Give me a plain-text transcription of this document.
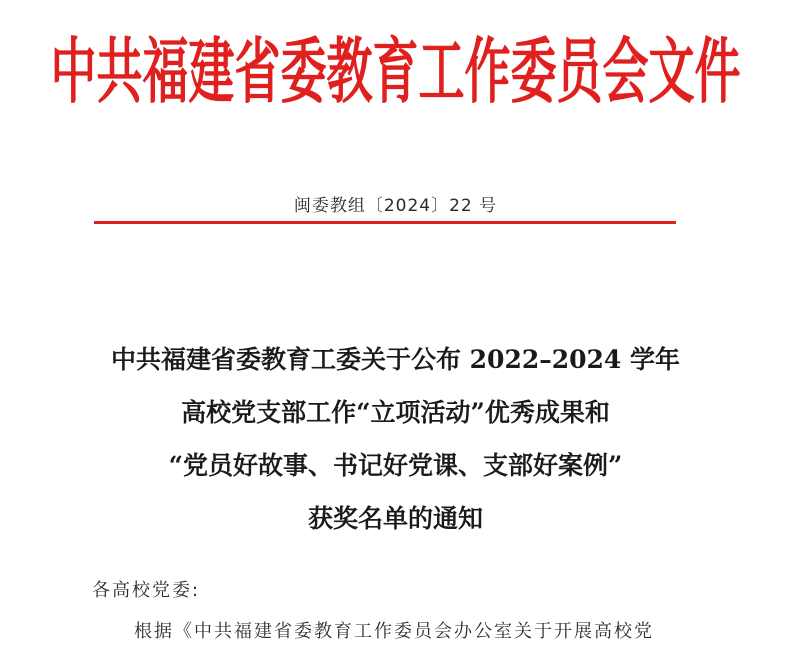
中共福建省委教育工作委员会文件
闽委教组〔2024〕22 号
中共福建省委教育工委关于公布 2022–2024 学年
高校党支部工作“立项活动”优秀成果和
“党员好故事、书记好党课、支部好案例”
获奖名单的通知
各高校党委:
根据《中共福建省委教育工作委员会办公室关于开展高校党
